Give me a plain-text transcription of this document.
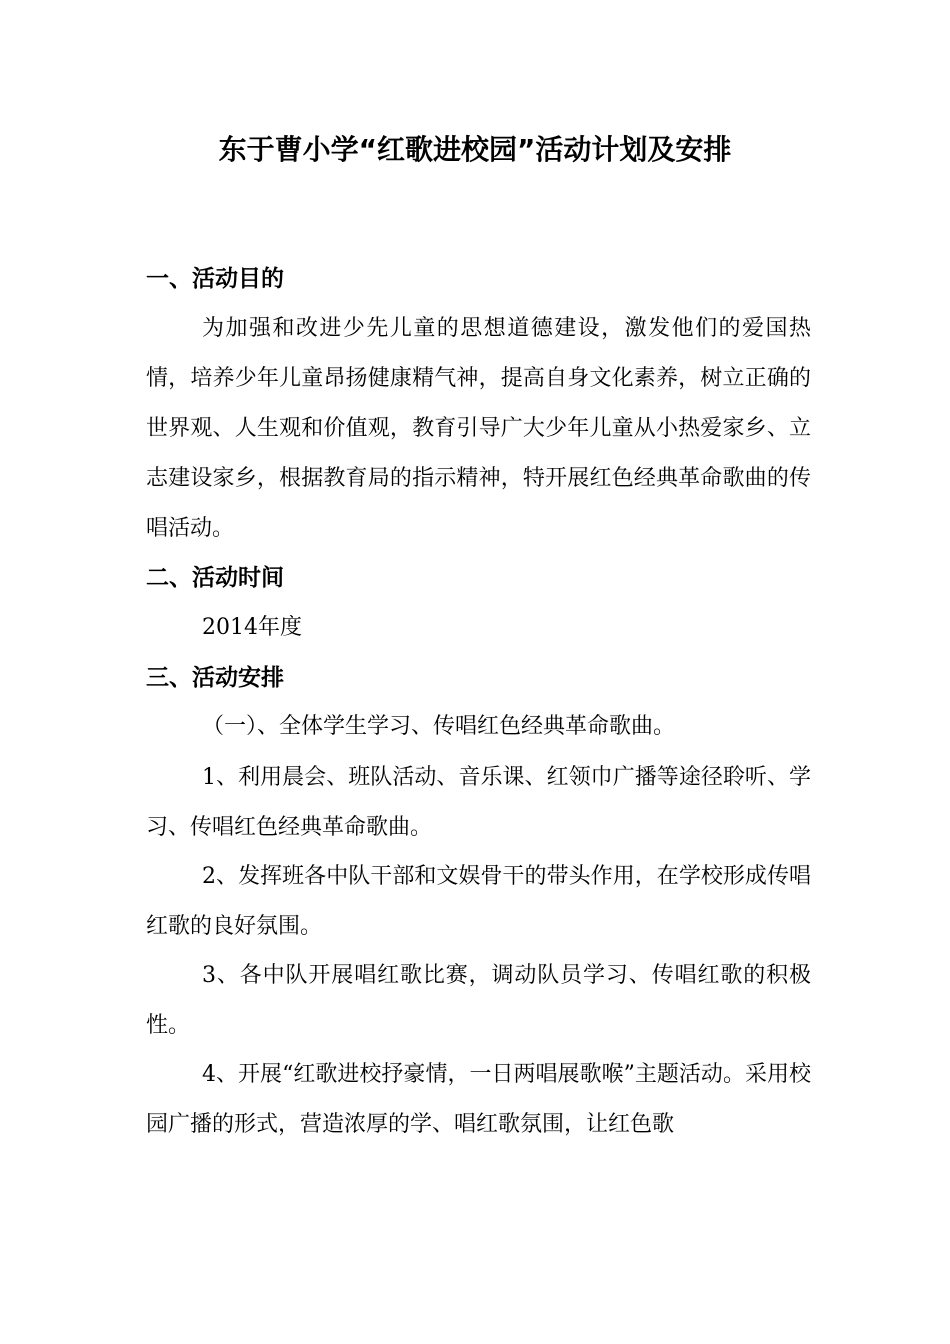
东于曹小学“红歌进校园”活动计划及安排
一、活动目的

为加强和改进少先儿童的思想道德建设，激发他们的爱国热情，培养少年儿童昂扬健康精气神，提高自身文化素养，树立正确的世界观、人生观和价值观，教育引导广大少年儿童从小热爱家乡、立志建设家乡，根据教育局的指示精神，特开展红色经典革命歌曲的传唱活动。

二、活动时间
2014年度
三、活动安排
（一）、全体学生学习、传唱红色经典革命歌曲。

1、利用晨会、班队活动、音乐课、红领巾广播等途径聆听、学习、传唱红色经典革命歌曲。

2、发挥班各中队干部和文娱骨干的带头作用，在学校形成传唱红歌的良好氛围。

3、各中队开展唱红歌比赛，调动队员学习、传唱红歌的积极性。

4、开展“红歌进校抒豪情，一日两唱展歌喉”主题活动。采用校园广播的形式，营造浓厚的学、唱红歌氛围，让红色歌
